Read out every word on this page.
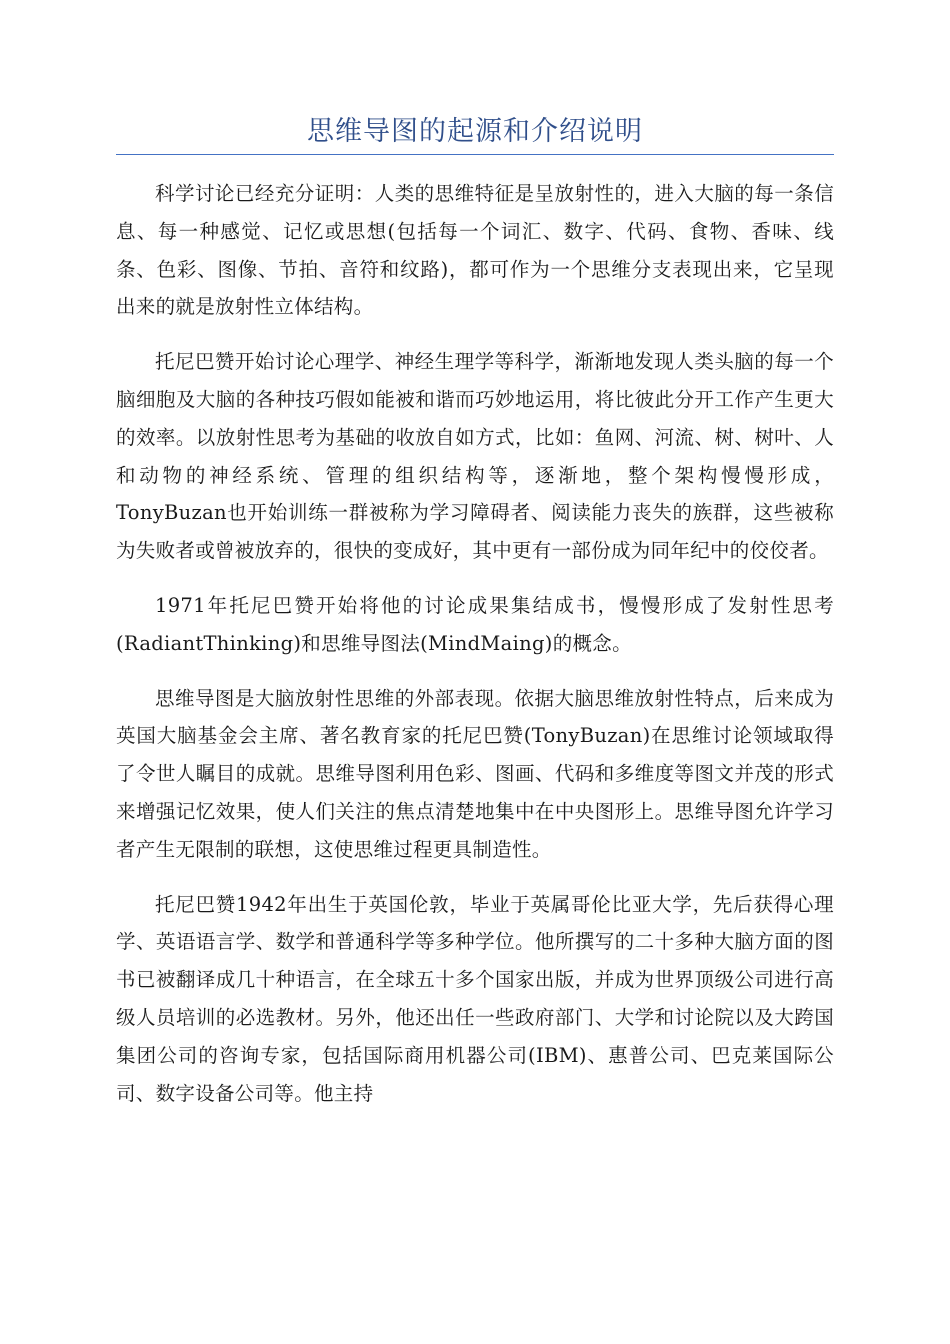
思维导图的起源和介绍说明

科学讨论已经充分证明：人类的思维特征是呈放射性的，进入大脑的每一条信息、每一种感觉、记忆或思想(包括每一个词汇、数字、代码、食物、香味、线条、色彩、图像、节拍、音符和纹路)，都可作为一个思维分支表现出来，它呈现出来的就是放射性立体结构。

托尼巴赞开始讨论心理学、神经生理学等科学，渐渐地发现人类头脑的每一个脑细胞及大脑的各种技巧假如能被和谐而巧妙地运用，将比彼此分开工作产生更大的效率。以放射性思考为基础的收放自如方式，比如：鱼网、河流、树、树叶、人和动物的神经系统、管理的组织结构等，逐渐地，整个架构慢慢形成，TonyBuzan也开始训练一群被称为学习障碍者、阅读能力丧失的族群，这些被称为失败者或曾被放弃的，很快的变成好，其中更有一部份成为同年纪中的佼佼者。

1971年托尼巴赞开始将他的讨论成果集结成书，慢慢形成了发射性思考(RadiantThinking)和思维导图法(MindMaing)的概念。

思维导图是大脑放射性思维的外部表现。依据大脑思维放射性特点，后来成为英国大脑基金会主席、著名教育家的托尼巴赞(TonyBuzan)在思维讨论领域取得了令世人瞩目的成就。思维导图利用色彩、图画、代码和多维度等图文并茂的形式来增强记忆效果，使人们关注的焦点清楚地集中在中央图形上。思维导图允许学习者产生无限制的联想，这使思维过程更具制造性。

托尼巴赞1942年出生于英国伦敦，毕业于英属哥伦比亚大学，先后获得心理学、英语语言学、数学和普通科学等多种学位。他所撰写的二十多种大脑方面的图书已被翻译成几十种语言，在全球五十多个国家出版，并成为世界顶级公司进行高级人员培训的必选教材。另外，他还出任一些政府部门、大学和讨论院以及大跨国集团公司的咨询专家，包括国际商用机器公司(IBM)、惠普公司、巴克莱国际公司、数字设备公司等。他主持
